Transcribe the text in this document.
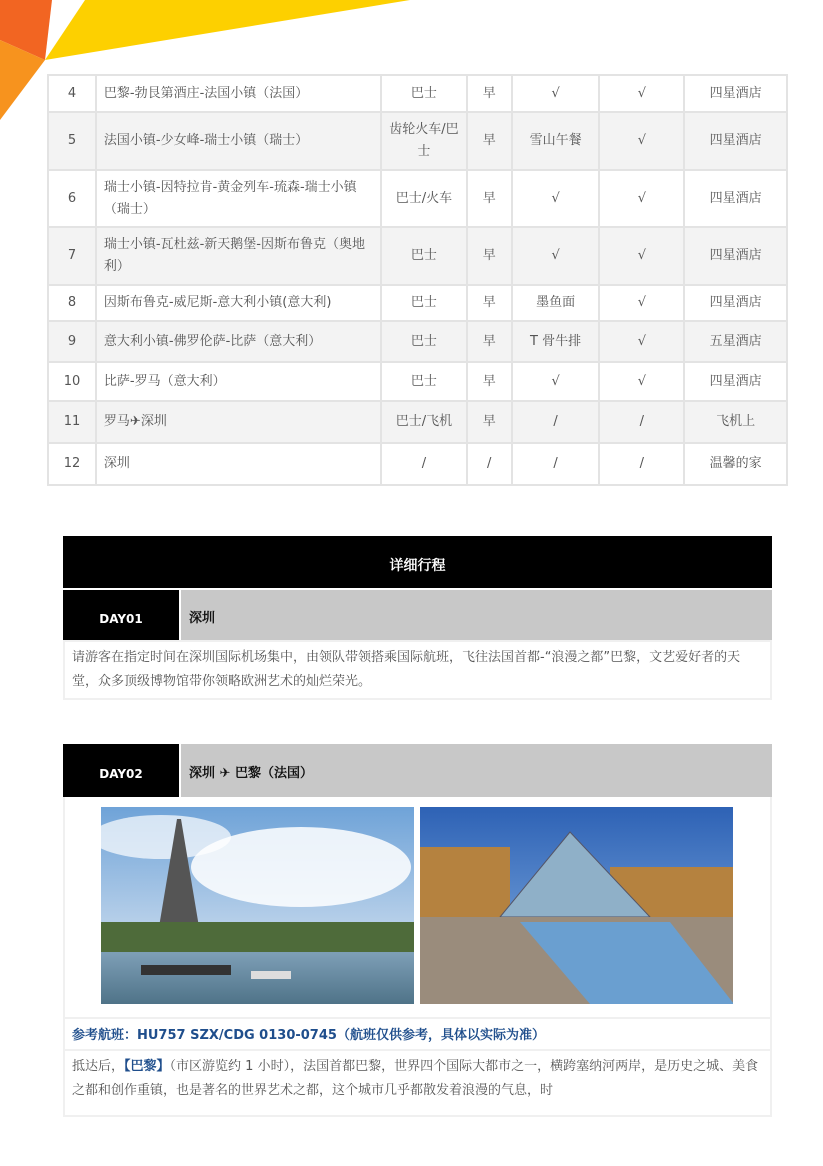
4	巴黎-勃艮第酒庄-法国小镇（法国）	巴士	早	√	√	四星酒店
5	法国小镇-少女峰-瑞士小镇（瑞士）	齿轮火车/巴士	早	雪山午餐	√	四星酒店
6	瑞士小镇-因特拉肯-黄金列车-琉森-瑞士小镇（瑞士）	巴士/火车	早	√	√	四星酒店
7	瑞士小镇-瓦杜兹-新天鹅堡-因斯布鲁克（奥地利）	巴士	早	√	√	四星酒店
8	因斯布鲁克-威尼斯-意大利小镇(意大利)	巴士	早	墨鱼面	√	四星酒店
9	意大利小镇-佛罗伦萨-比萨（意大利）	巴士	早	T 骨牛排	√	五星酒店
10	比萨-罗马（意大利）	巴士	早	√	√	四星酒店
11	罗马✈深圳	巴士/飞机	早	/	/	飞机上
12	深圳	/	/	/	/	温馨的家
详细行程
DAY01	深圳
请游客在指定时间在深圳国际机场集中，由领队带领搭乘国际航班，飞往法国首都-“浪漫之都”巴黎，文艺爱好者的天堂，众多顶级博物馆带你领略欧洲艺术的灿烂荣光。
DAY02	深圳 ✈ 巴黎（法国）
参考航班：HU757 SZX/CDG 0130-0745（航班仅供参考，具体以实际为准）
抵达后，【巴黎】（市区游览约 1 小时），法国首都巴黎，世界四个国际大都市之一，横跨塞纳河两岸，是历史之城、美食之都和创作重镇，也是著名的世界艺术之都，这个城市几乎都散发着浪漫的气息，时
